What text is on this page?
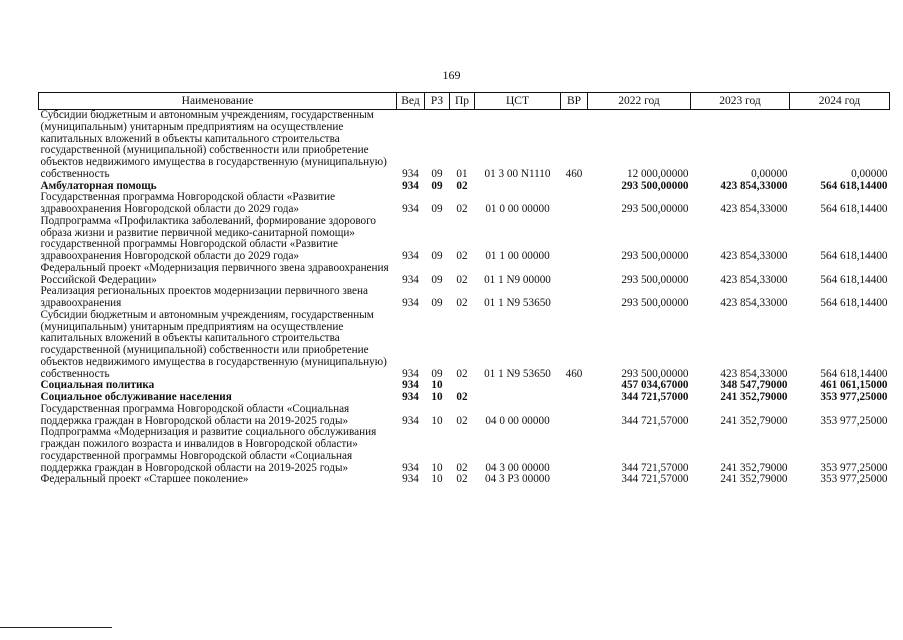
169
Наименование	Вед	РЗ	Пр	ЦСТ	ВР	2022 год	2023 год	2024 год
Субсидии бюджетным и автономным учреждениям, государственным (муниципальным) унитарным предприятиям на осуществление капитальных вложений в объекты капитального строительства государственной (муниципальной) собственности или приобретение объектов недвижимого имущества в государственную (муниципальную) собственность	934	09	01	01 3 00 N1110	460	12 000,00000	0,00000	0,00000
Амбулаторная помощь	934	09	02			293 500,00000	423 854,33000	564 618,14400
Государственная программа Новгородской области «Развитие здравоохранения Новгородской области до 2029 года»	934	09	02	01 0 00 00000		293 500,00000	423 854,33000	564 618,14400
Подпрограмма «Профилактика заболеваний, формирование здорового образа жизни и развитие первичной медико-санитарной помощи» государственной программы Новгородской области «Развитие здравоохранения Новгородской области до 2029 года»	934	09	02	01 1 00 00000		293 500,00000	423 854,33000	564 618,14400
Федеральный проект «Модернизация первичного звена здравоохранения Российской Федерации»	934	09	02	01 1 N9 00000		293 500,00000	423 854,33000	564 618,14400
Реализация региональных проектов модернизации первичного звена здравоохранения	934	09	02	01 1 N9 53650		293 500,00000	423 854,33000	564 618,14400
Субсидии бюджетным и автономным учреждениям, государственным (муниципальным) унитарным предприятиям на осуществление капитальных вложений в объекты капитального строительства государственной (муниципальной) собственности или приобретение объектов недвижимого имущества в государственную (муниципальную) собственность	934	09	02	01 1 N9 53650	460	293 500,00000	423 854,33000	564 618,14400
Социальная политика	934	10				457 034,67000	348 547,79000	461 061,15000
Социальное обслуживание населения	934	10	02			344 721,57000	241 352,79000	353 977,25000
Государственная программа Новгородской области «Социальная поддержка граждан в Новгородской области на 2019-2025 годы»	934	10	02	04 0 00 00000		344 721,57000	241 352,79000	353 977,25000
Подпрограмма «Модернизация и развитие социального обслуживания граждан пожилого возраста и инвалидов в Новгородской области» государственной программы Новгородской области «Социальная поддержка граждан в Новгородской области на 2019-2025 годы»	934	10	02	04 3 00 00000		344 721,57000	241 352,79000	353 977,25000
Федеральный проект «Старшее поколение»	934	10	02	04 3 P3 00000		344 721,57000	241 352,79000	353 977,25000
